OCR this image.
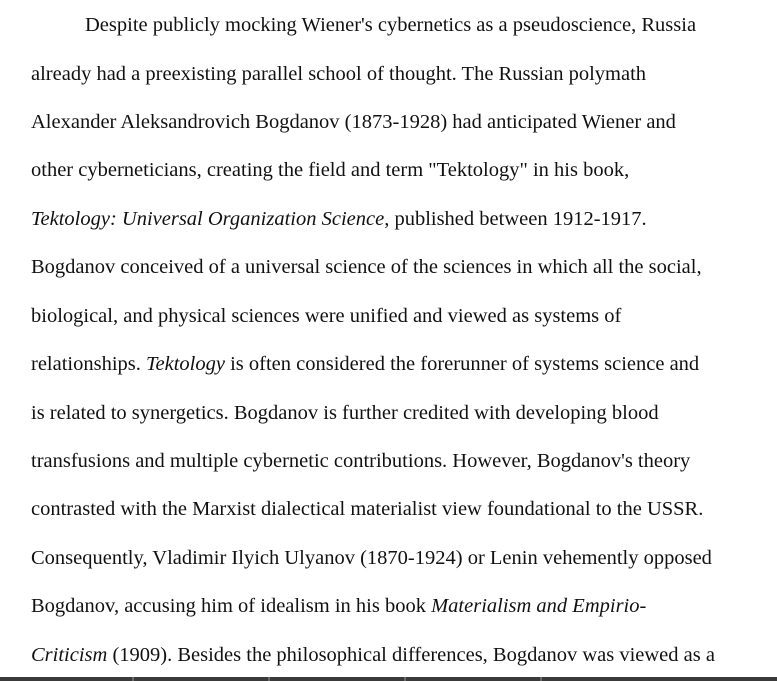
Despite publicly mocking Wiener's cybernetics as a pseudoscience, Russia
already had a preexisting parallel school of thought. The Russian polymath
Alexander Aleksandrovich Bogdanov (1873-1928) had anticipated Wiener and
other cyberneticians, creating the field and term "Tektology" in his book,
Tektology: Universal Organization Science, published between 1912-1917.
Bogdanov conceived of a universal science of the sciences in which all the social,
biological, and physical sciences were unified and viewed as systems of
relationships. Tektology is often considered the forerunner of systems science and
is related to synergetics. Bogdanov is further credited with developing blood
transfusions and multiple cybernetic contributions. However, Bogdanov's theory
contrasted with the Marxist dialectical materialist view foundational to the USSR.
Consequently, Vladimir Ilyich Ulyanov (1870-1924) or Lenin vehemently opposed
Bogdanov, accusing him of idealism in his book Materialism and Empirio-
Criticism (1909). Besides the philosophical differences, Bogdanov was viewed as a
